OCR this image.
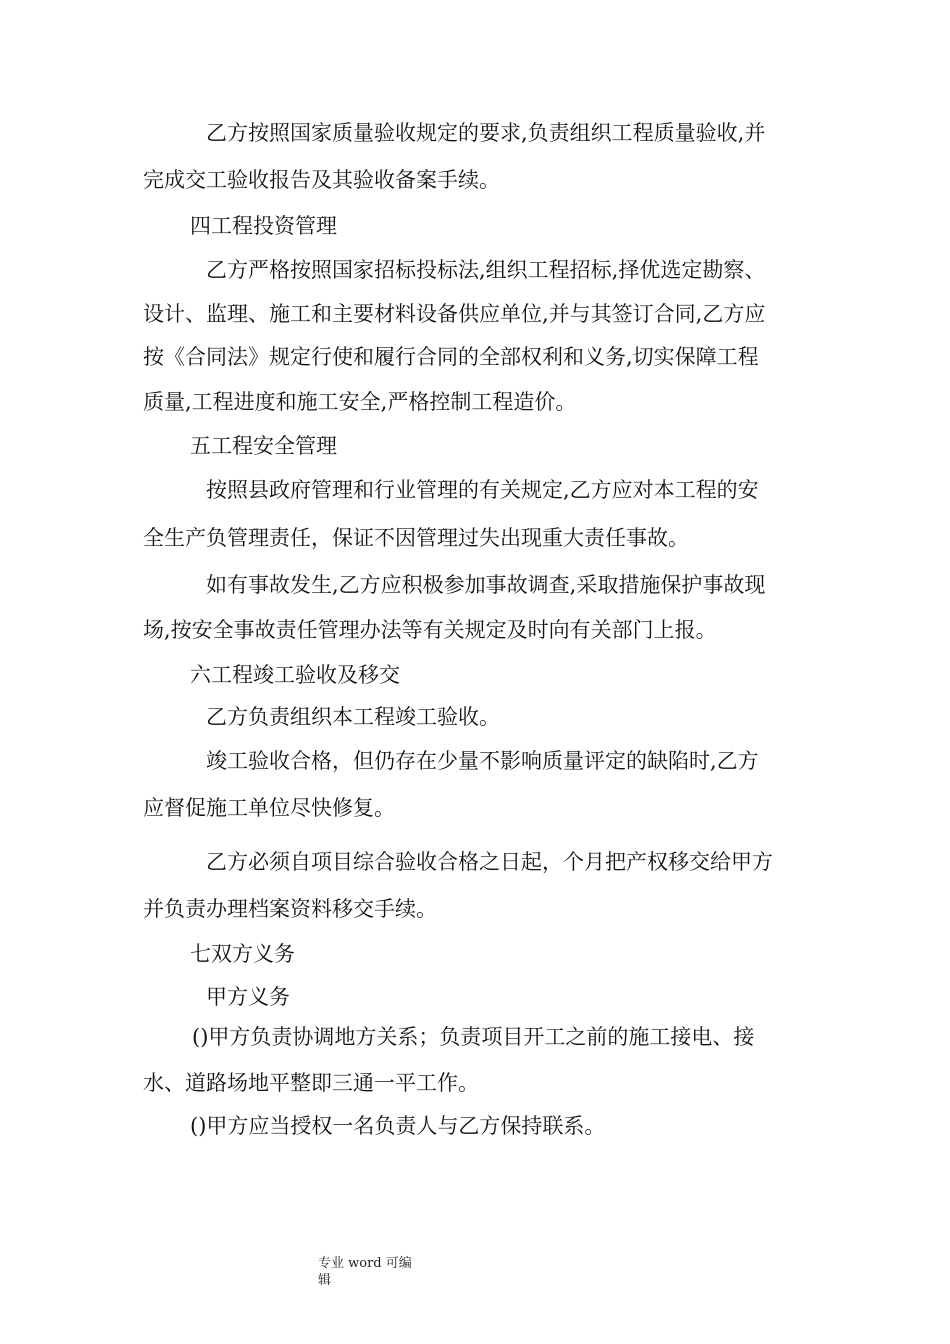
乙方按照国家质量验收规定的要求,负责组织工程质量验收,并
完成交工验收报告及其验收备案手续。
四工程投资管理
乙方严格按照国家招标投标法,组织工程招标,择优选定勘察、
设计、监理、施工和主要材料设备供应单位,并与其签订合同,乙方应
按《合同法》规定行使和履行合同的全部权利和义务,切实保障工程
质量,工程进度和施工安全,严格控制工程造价。
五工程安全管理
按照县政府管理和行业管理的有关规定,乙方应对本工程的安
全生产负管理责任，保证不因管理过失出现重大责任事故。
如有事故发生,乙方应积极参加事故调查,采取措施保护事故现
场,按安全事故责任管理办法等有关规定及时向有关部门上报。
六工程竣工验收及移交
乙方负责组织本工程竣工验收。
竣工验收合格，但仍存在少量不影响质量评定的缺陷时,乙方
应督促施工单位尽快修复。
乙方必须自项目综合验收合格之日起，个月把产权移交给甲方
并负责办理档案资料移交手续。
七双方义务
甲方义务
()甲方负责协调地方关系；负责项目开工之前的施工接电、接
水、道路场地平整即三通一平工作。
()甲方应当授权一名负责人与乙方保持联系。
专业 word 可编
辑
